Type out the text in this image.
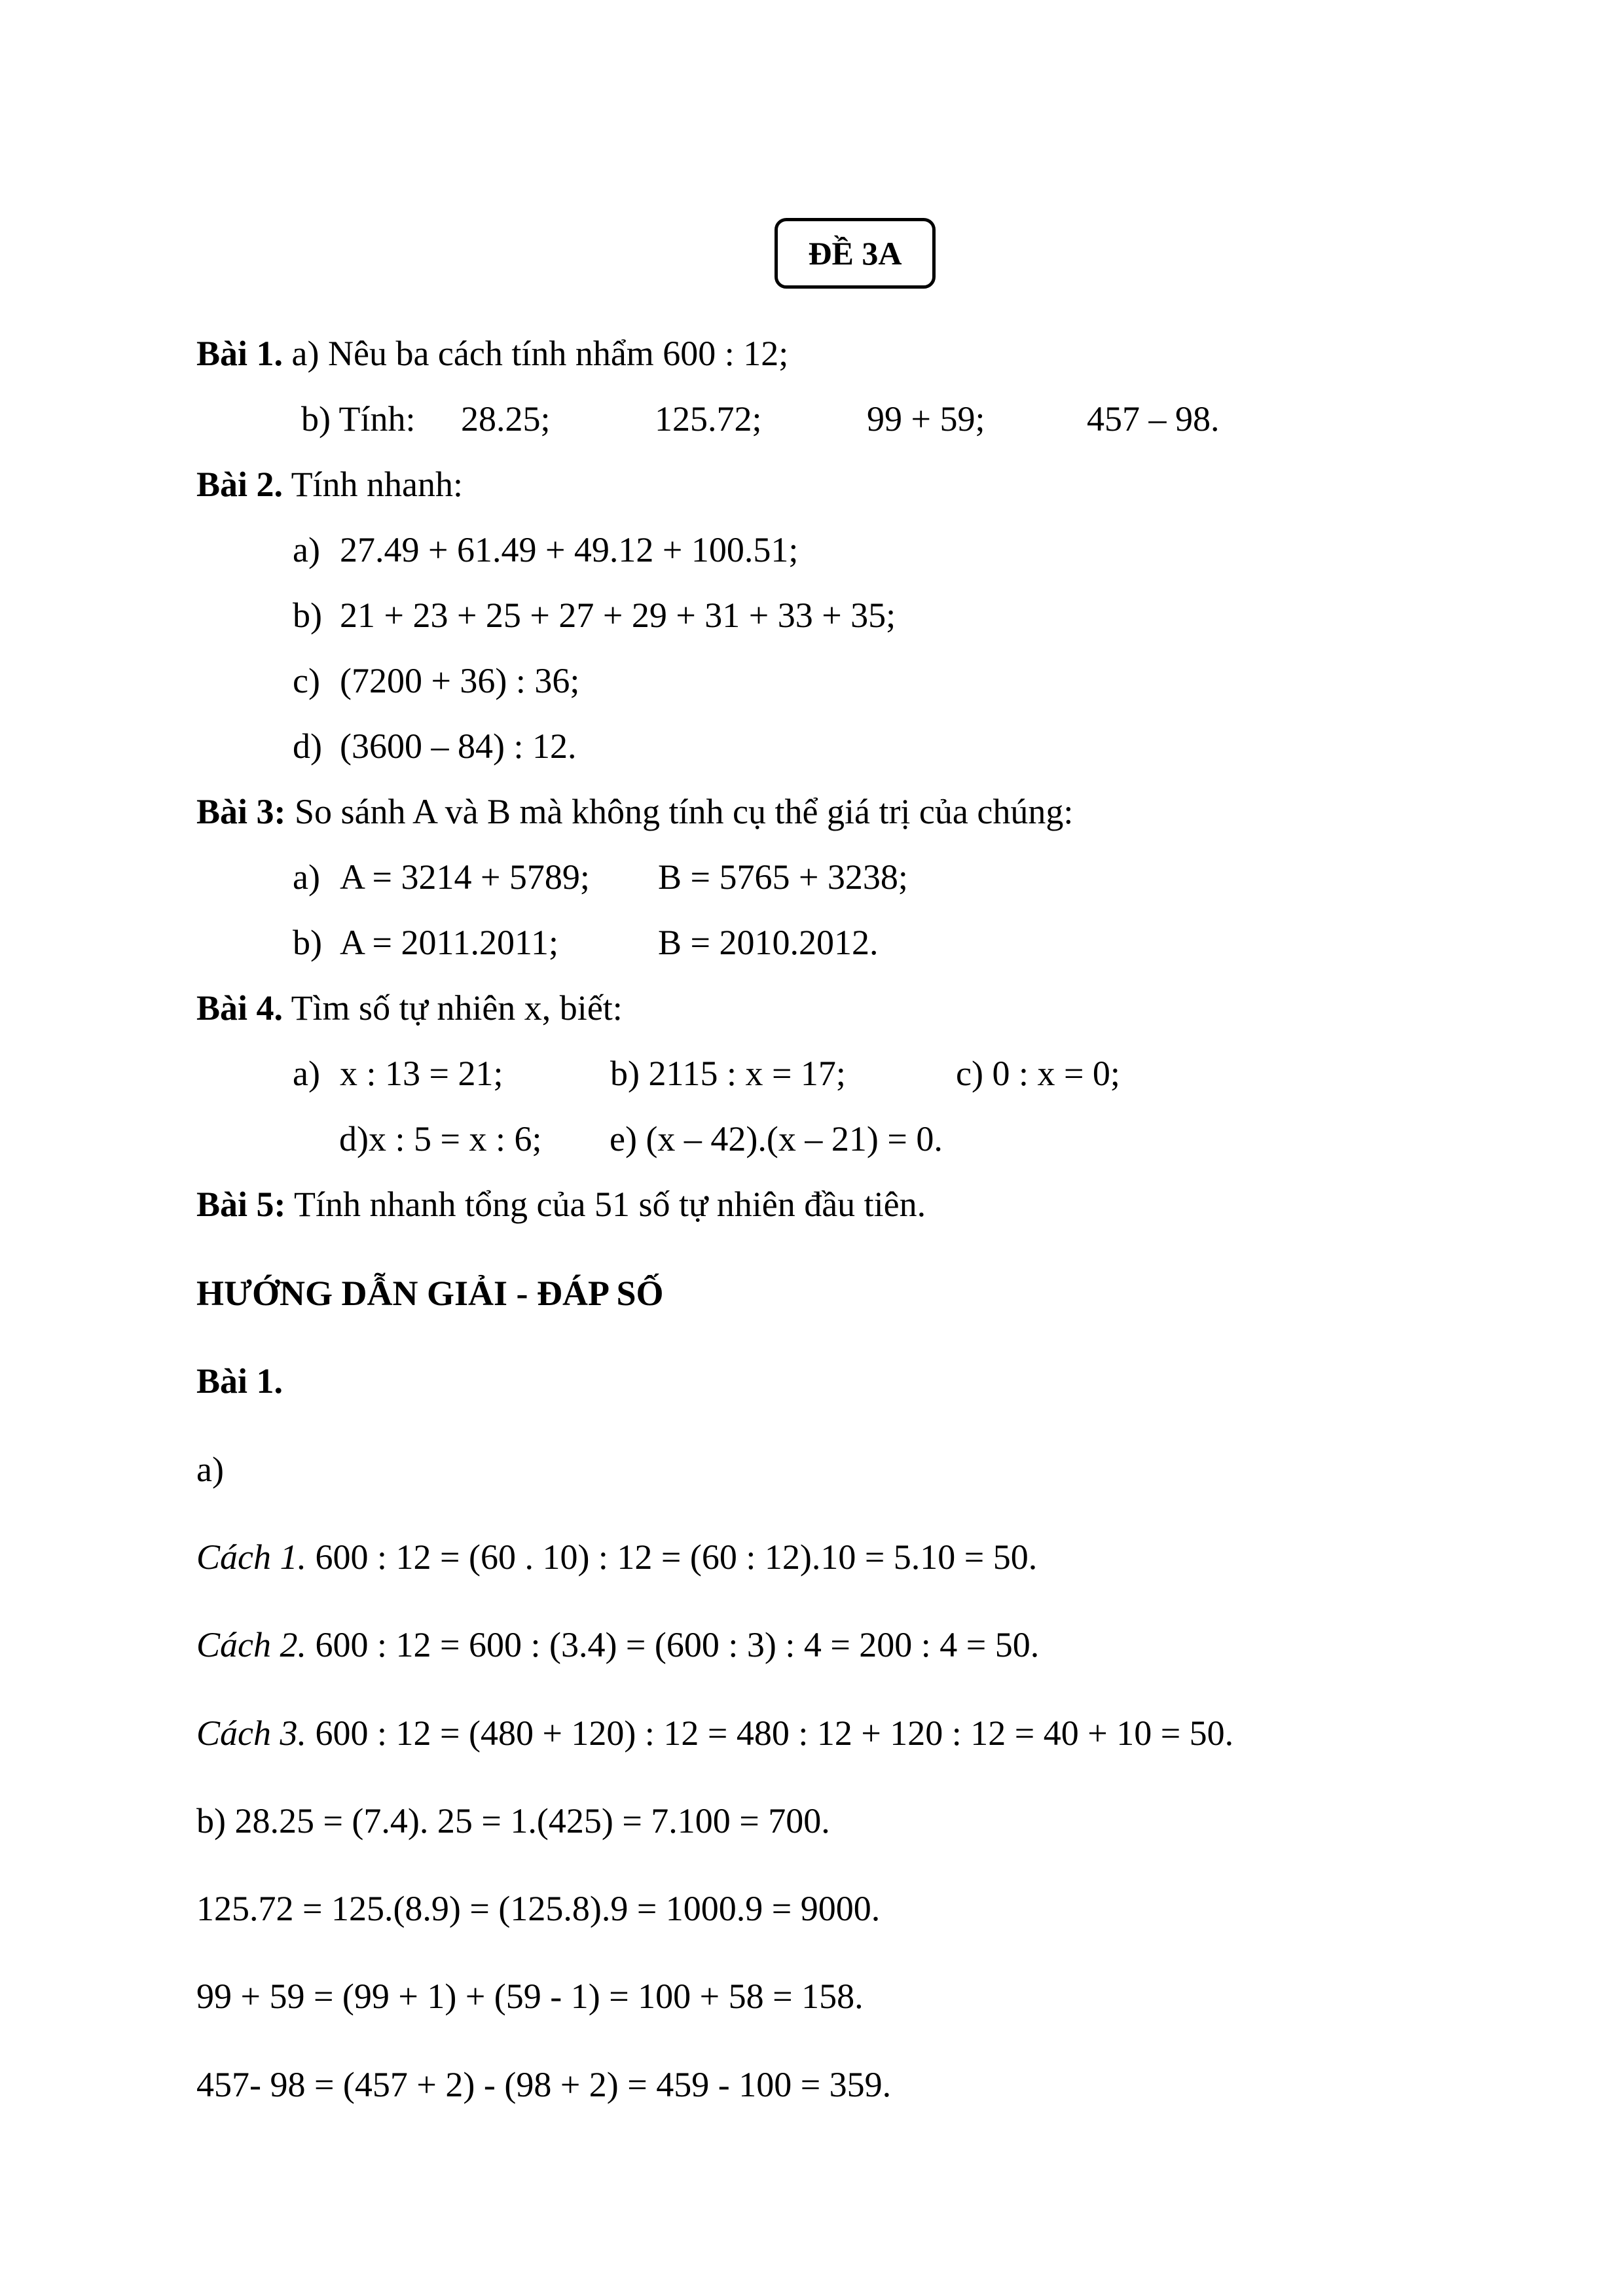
ĐỀ 3A
Bài 1. a) Nêu ba cách tính nhẩm 600 : 12;
b) Tính: 28.25;	125.72;	99 + 59;	457 – 98.
Bài 2. Tính nhanh:
a) 27.49 + 61.49 + 49.12 + 100.51;
b) 21 + 23 + 25 + 27 + 29 + 31 + 33 + 35;
c) (7200 + 36) : 36;
d) (3600 – 84) : 12.
Bài 3: So sánh A và B mà không tính cụ thể giá trị của chúng:
a) A = 3214 + 5789; B = 5765 + 3238;
b) A = 2011.2011;	B = 2010.2012.
Bài 4. Tìm số tự nhiên x, biết:
a) x : 13 = 21;	b) 2115 : x = 17;	c) 0 : x = 0;
d)x : 5 = x : 6; e) (x – 42).(x – 21) = 0.
Bài 5: Tính nhanh tổng của 51 số tự nhiên đầu tiên.
HƯỚNG DẪN GIẢI - ĐÁP SỐ
Bài 1.
a)
Cách 1. 600 : 12 = (60 . 10) : 12 = (60 : 12).10 = 5.10 = 50.
Cách 2. 600 : 12 = 600 : (3.4) = (600 : 3) : 4 = 200 : 4 = 50.
Cách 3. 600 : 12 = (480 + 120) : 12 = 480 : 12 + 120 : 12 = 40 + 10 = 50.
b) 28.25 = (7.4). 25 = 1.(425) = 7.100 = 700.
125.72 = 125.(8.9) = (125.8).9 = 1000.9 = 9000.
99 + 59 = (99 + 1) + (59 - 1) = 100 + 58 = 158.
457- 98 = (457 + 2) - (98 + 2) = 459 - 100 = 359.
